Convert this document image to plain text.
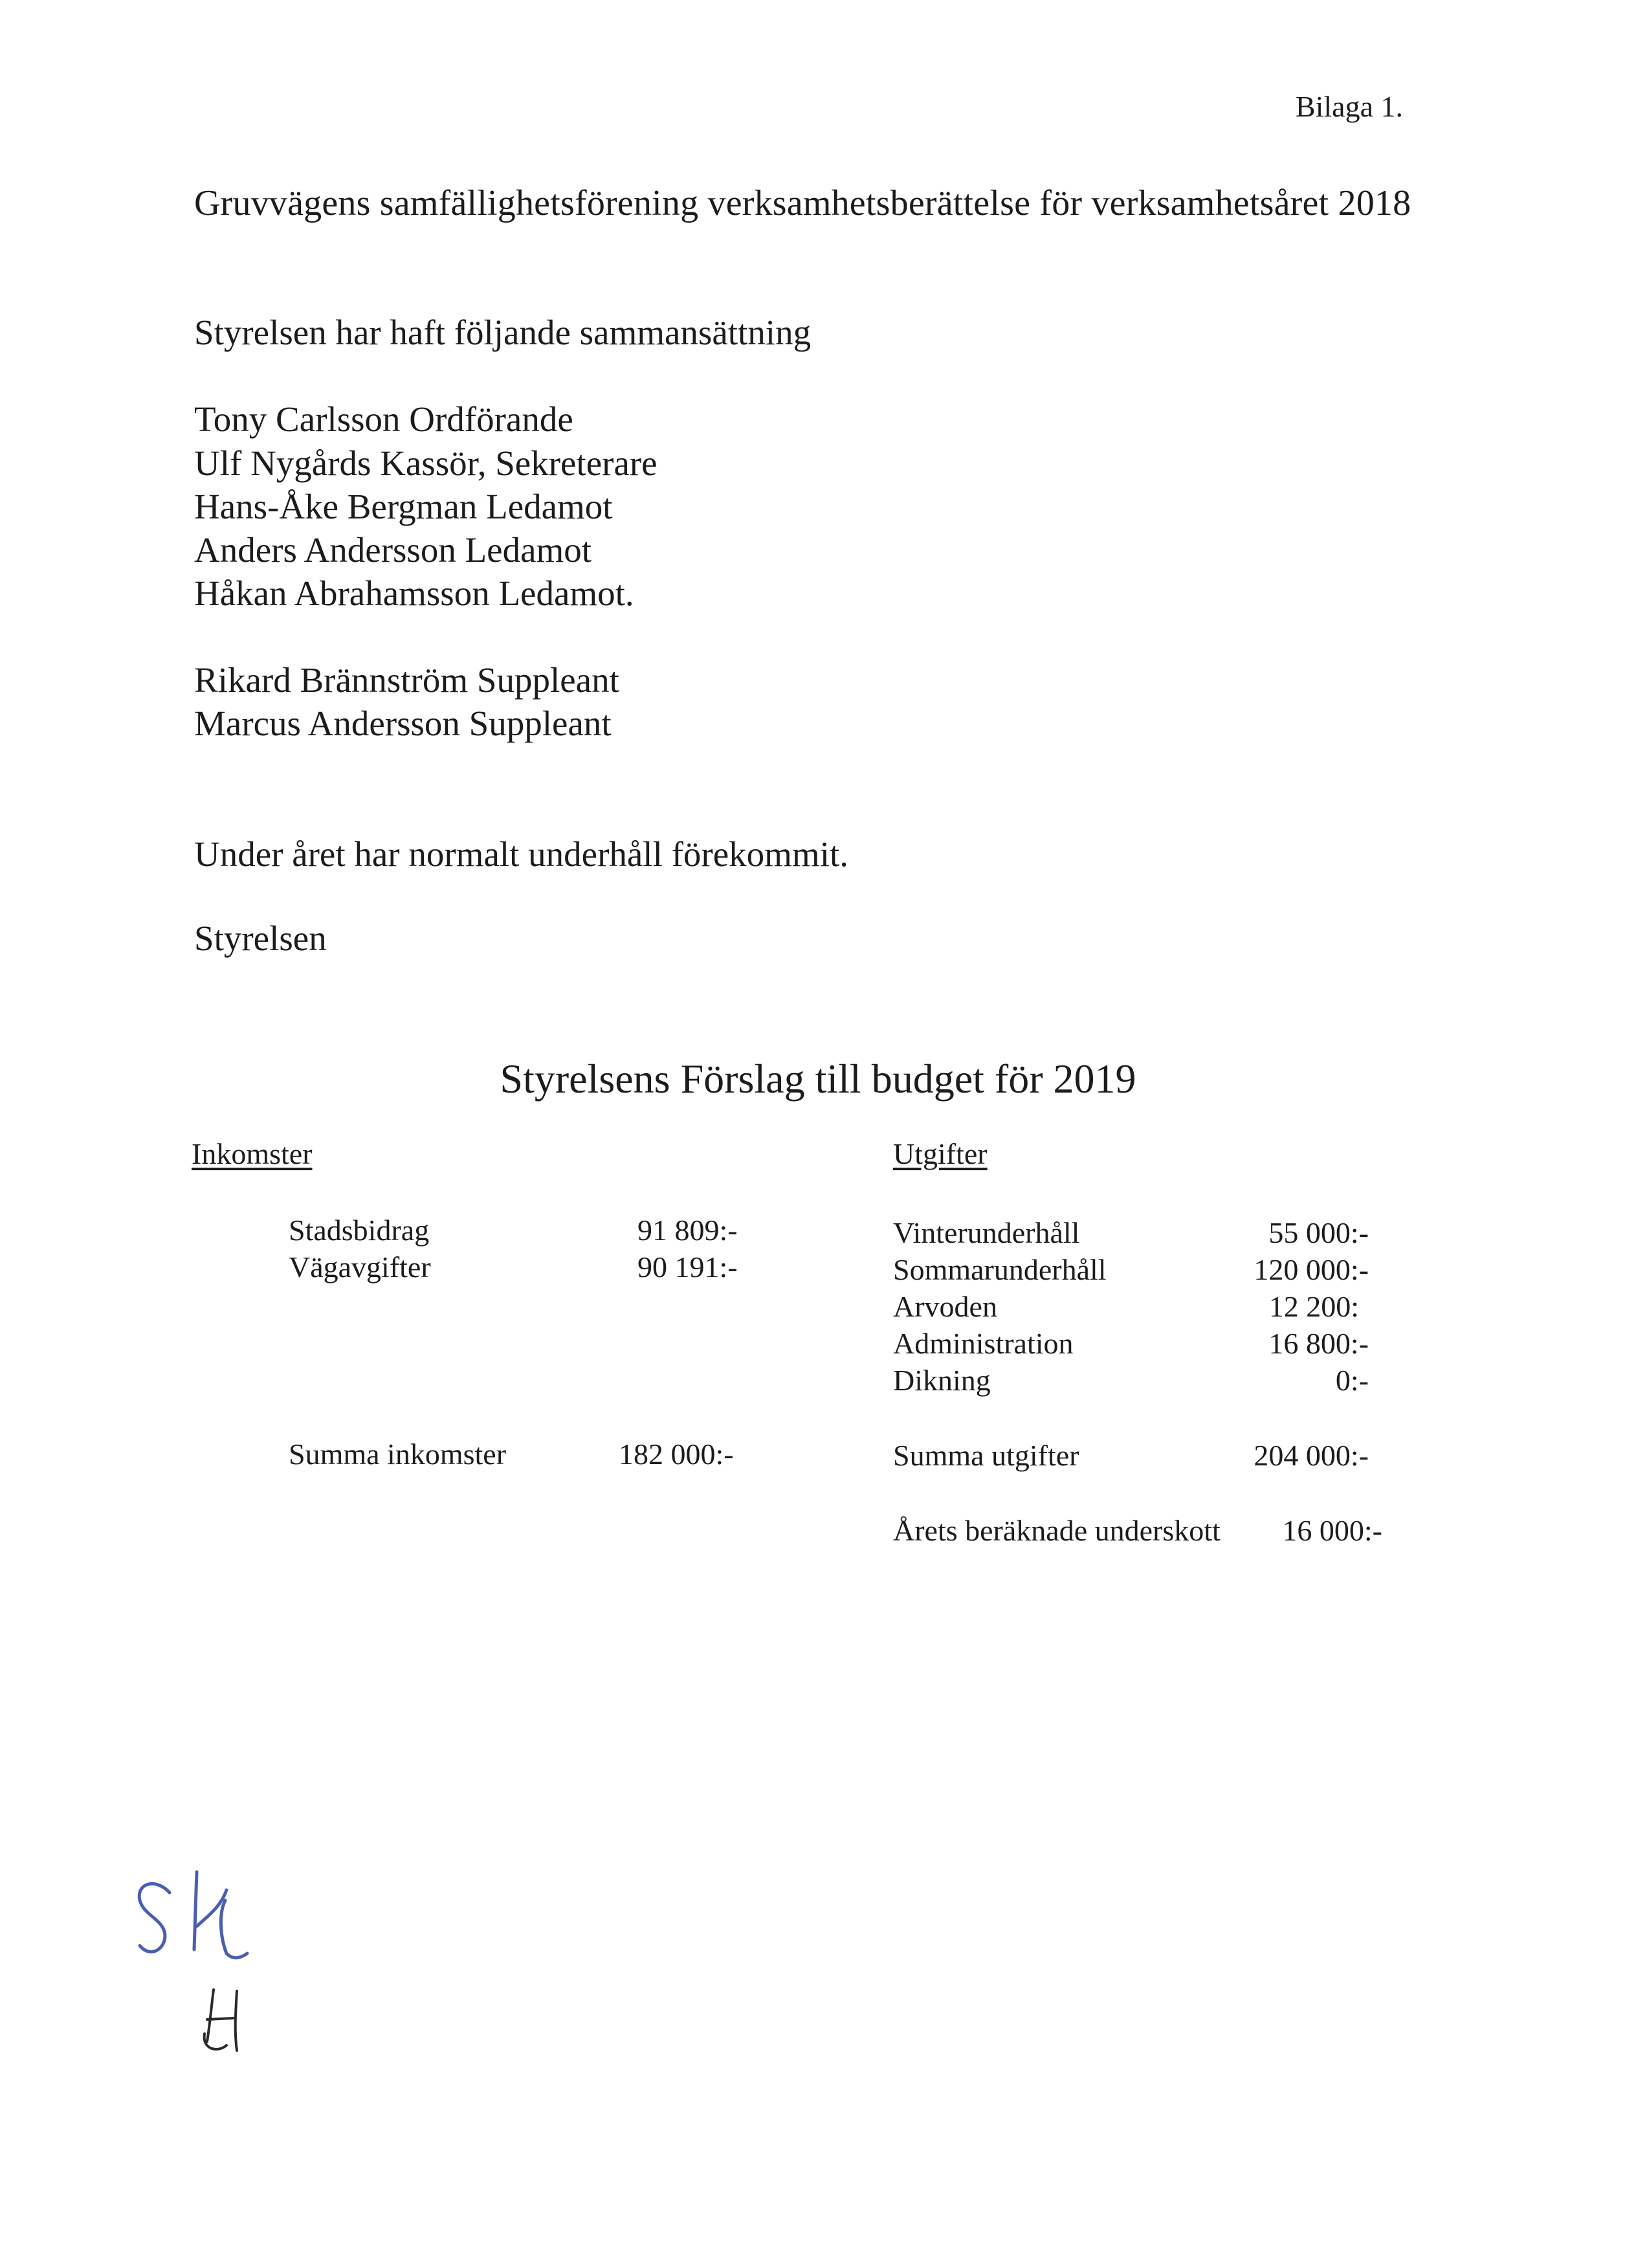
Bilaga 1.
Gruvvägens samfällighetsförening verksamhetsberättelse för verksamhetsåret 2018
Styrelsen har haft följande sammansättning
Tony Carlsson Ordförande
Ulf Nygårds Kassör, Sekreterare
Hans-Åke Bergman Ledamot
Anders Andersson Ledamot
Håkan Abrahamsson Ledamot.
Rikard Brännström Suppleant
Marcus Andersson Suppleant
Under året har normalt underhåll förekommit.
Styrelsen
Styrelsens Förslag till budget för 2019
Inkomster	Utgifter
Stadsbidrag	91 809:-
Vägavgifter	90 191:-
Summa inkomster	182 000:-
Vinterunderhåll	55 000:-
Sommarunderhåll	120 000:-
Arvoden	12 200:
Administration	16 800:-
Dikning	0:-
Summa utgifter	204 000:-
Årets beräknade underskott 16 000:-
